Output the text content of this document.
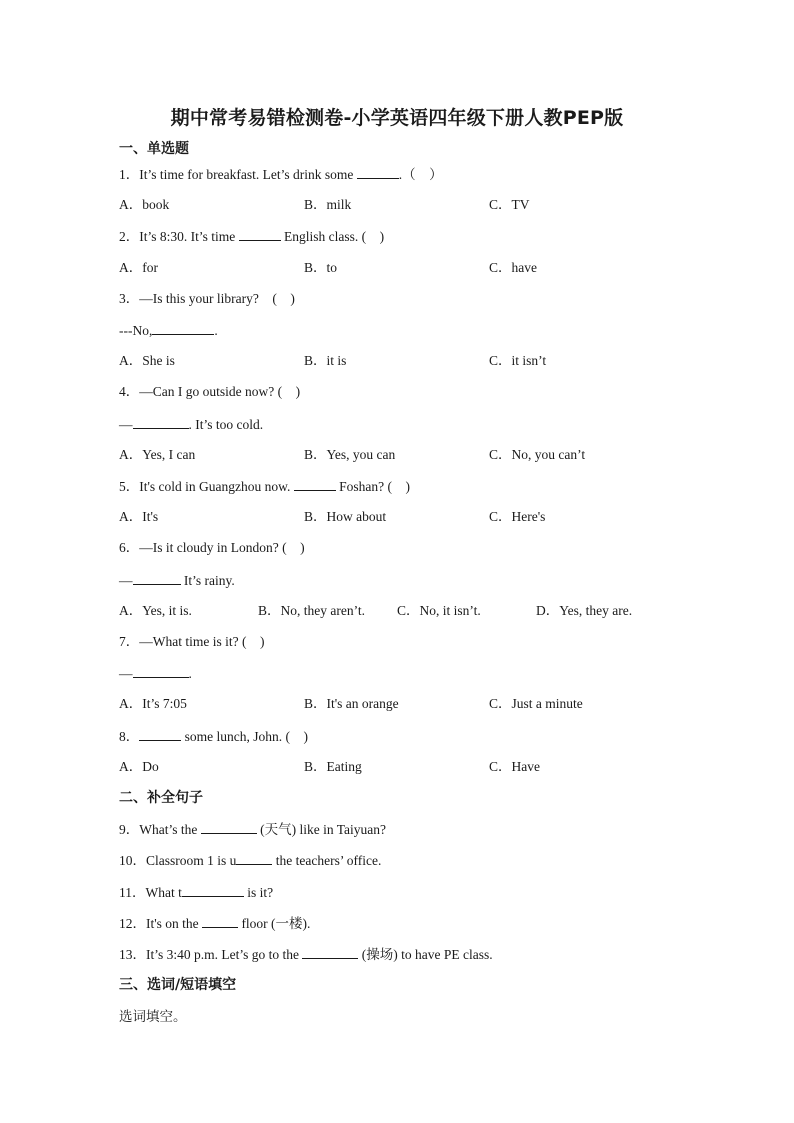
期中常考易错检测卷-小学英语四年级下册人教PEP版
一、单选题
1．It’s time for breakfast. Let’s drink some	.（　）
A．book	B．milk	C．TV
2．It’s 8:30. It’s time	English class. (　)
A．for	B．to	C．have
3．—Is this your library?　(　)
---No,	.
A．She is	B．it is	C．it isn’t
4．—Can I go outside now? (　)
—	. It’s too cold.
A．Yes, I can	B．Yes, you can	C．No, you can’t
5．It's cold in Guangzhou now.	Foshan? (　)
A．It's	B．How about	C．Here's
6．—Is it cloudy in London? (　)
—	It’s rainy.
A．Yes, it is.	B．No, they aren’t. C．No, it isn’t.	D．Yes, they are.
7．—What time is it? (　)
—	.
A．It’s 7:05	B．It's an orange	C．Just a minute
8．	some lunch, John. (　)
A．Do	B．Eating	C．Have
二、补全句子
9．What’s the	(天气) like in Taiyuan?
10．Classroom 1 is u	the teachers’ office.
11．What t	is it?
12．It's on the	floor (一楼).
13．It’s 3:40 p.m. Let’s go to the	(操场) to have PE class.
三、选词/短语填空
选词填空。
